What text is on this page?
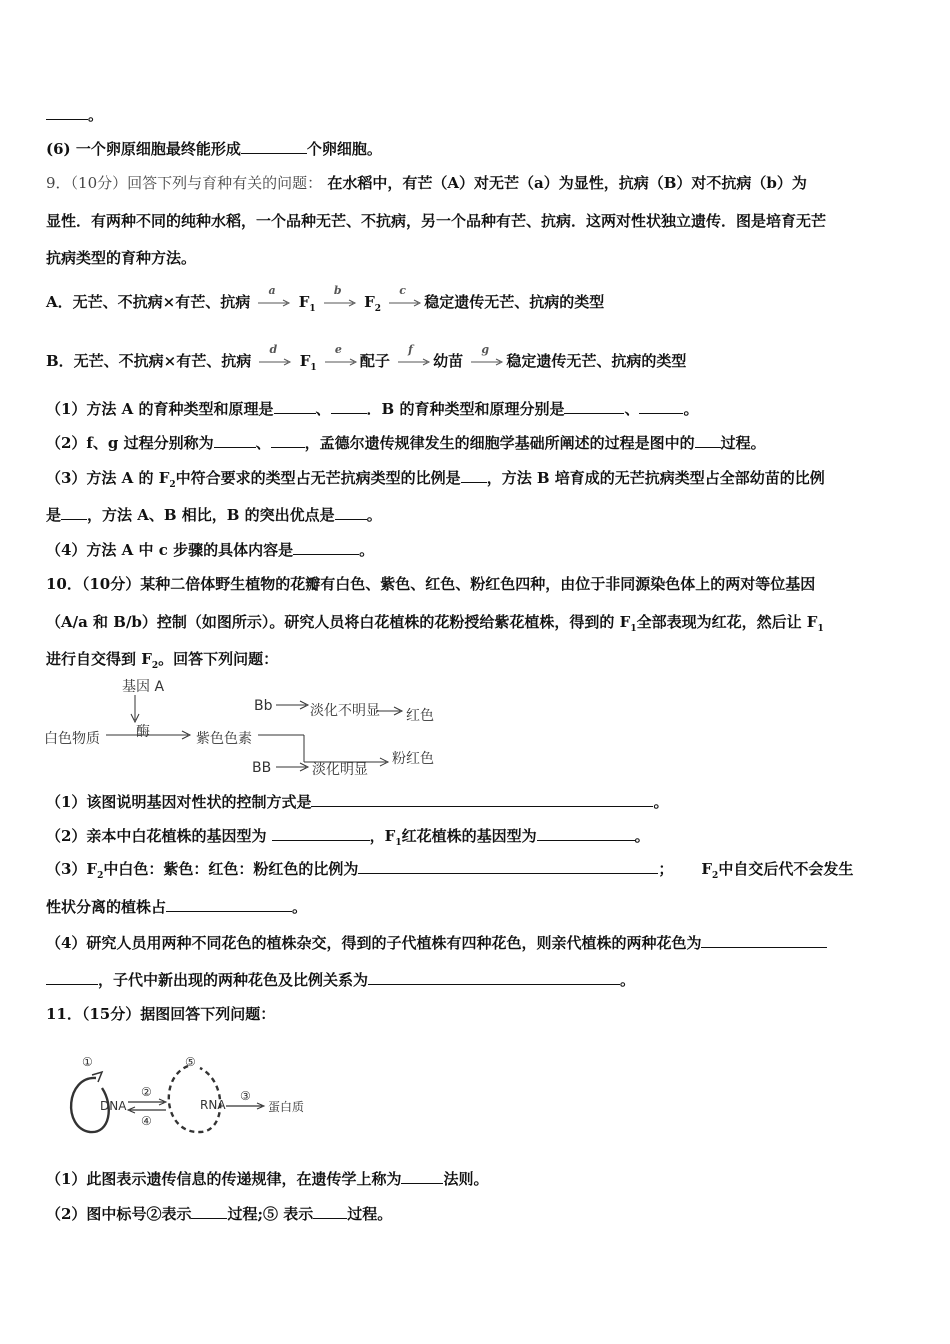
。
(6) 一个卵原细胞最终能形成	个卵细胞。
9．（10分）回答下列与育种有关的问题： 在水稻中，有芒（A）对无芒（a）为显性，抗病（B）对不抗病（b）为
显性．有两种不同的纯种水稻，一个品种无芒、不抗病，另一个品种有芒、抗病．这两对性状独立遗传．图是培育无芒
抗病类型的育种方法。
A．无芒、不抗病×有芒、抗病
a
$F_1$
b
$F_2$
c
稳定遗传无芒、抗病的类型
B．无芒、不抗病×有芒、抗病
d
$F_1$
e
配子
f
幼苗
g
稳定遗传无芒、抗病的类型
（1）方法 A 的育种类型和原理是	、 ．B 的育种类型和原理分别是	、	。
（2）f、g 过程分别称为	、 ，孟德尔遗传规律发生的细胞学基础所阐述的过程是图中的 过程。
（3）方法 A 的 $F_2$中符合要求的类型占无芒抗病类型的比例是 ，方法 B 培育成的无芒抗病类型占全部幼苗的比例
是 ，方法 A、B 相比，B 的突出优点是 。
（4）方法 A 中 c 步骤的具体内容是	。
10．（10分）某种二倍体野生植物的花瓣有白色、紫色、红色、粉红色四种，由位于非同源染色体上的两对等位基因
（A/a 和 B/b）控制（如图所示）。研究人员将白花植株的花粉授给紫花植株，得到的 $F_1$全部表现为红花，然后让 $F_1$
进行自交得到 $F_2$。回答下列问题：
基因 A
酶
白色物质	紫色色素
Bb	淡化不明显 红色
BB	淡化明显
粉红色
（1）该图说明基因对性状的控制方式是	。
（2）亲本中白花植株的基因型为	，$F_1$红花植株的基因型为	。
$(3)F_2$中白色：紫色：红色：粉红色的比例为	； $F_2$中自交后代不会发生
性状分离的植株占	。
（4）研究人员用两种不同花色的植株杂交，得到的子代植株有四种花色，则亲代植株的两种花色为
，子代中新出现的两种花色及比例关系为	。
11．（15分）据图回答下列问题：
①
②
④
③
⑤
DNA	RNA	蛋白质
（1）此图表示遗传信息的传递规律，在遗传学上称为	法则。
（2）图中标号②表示 过程;⑤ 表示 过程。
